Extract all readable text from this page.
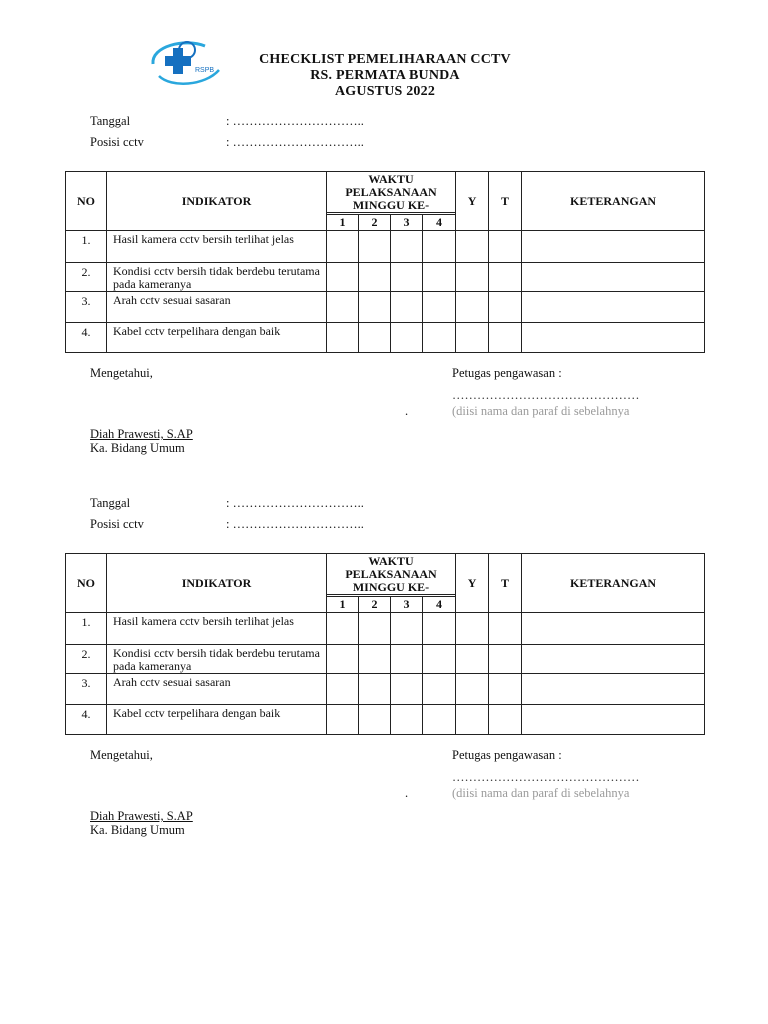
RSPB
CHECKLIST PEMELIHARAAN CCTV
RS. PERMATA BUNDA
AGUSTUS 2022
Tanggal	: …………………………..
Posisi cctv	: …………………………..
NO	INDIKATOR	WAKTU
PELAKSANAAN
MINGGU KE-				Y	T	KETERANGAN
		1	2	3	4			
1.	Hasil kamera cctv bersih terlihat jelas							
2.	Kondisi cctv bersih tidak berdebu terutama pada kameranya							
3.	Arah cctv sesuai sasaran							
4.	Kabel cctv terpelihara dengan baik							
Mengetahui,	Petugas pengawasan :
………………………………………
.	(diisi nama dan paraf di sebelahnya
Diah Prawesti, S.AP
Ka. Bidang Umum
Tanggal	: …………………………..
Posisi cctv	: …………………………..
NO	INDIKATOR	WAKTU
PELAKSANAAN
MINGGU KE-				Y	T	KETERANGAN
		1	2	3	4			
1.	Hasil kamera cctv bersih terlihat jelas							
2.	Kondisi cctv bersih tidak berdebu terutama pada kameranya							
3.	Arah cctv sesuai sasaran							
4.	Kabel cctv terpelihara dengan baik							
Mengetahui,	Petugas pengawasan :
………………………………………
.	(diisi nama dan paraf di sebelahnya
Diah Prawesti, S.AP
Ka. Bidang Umum
